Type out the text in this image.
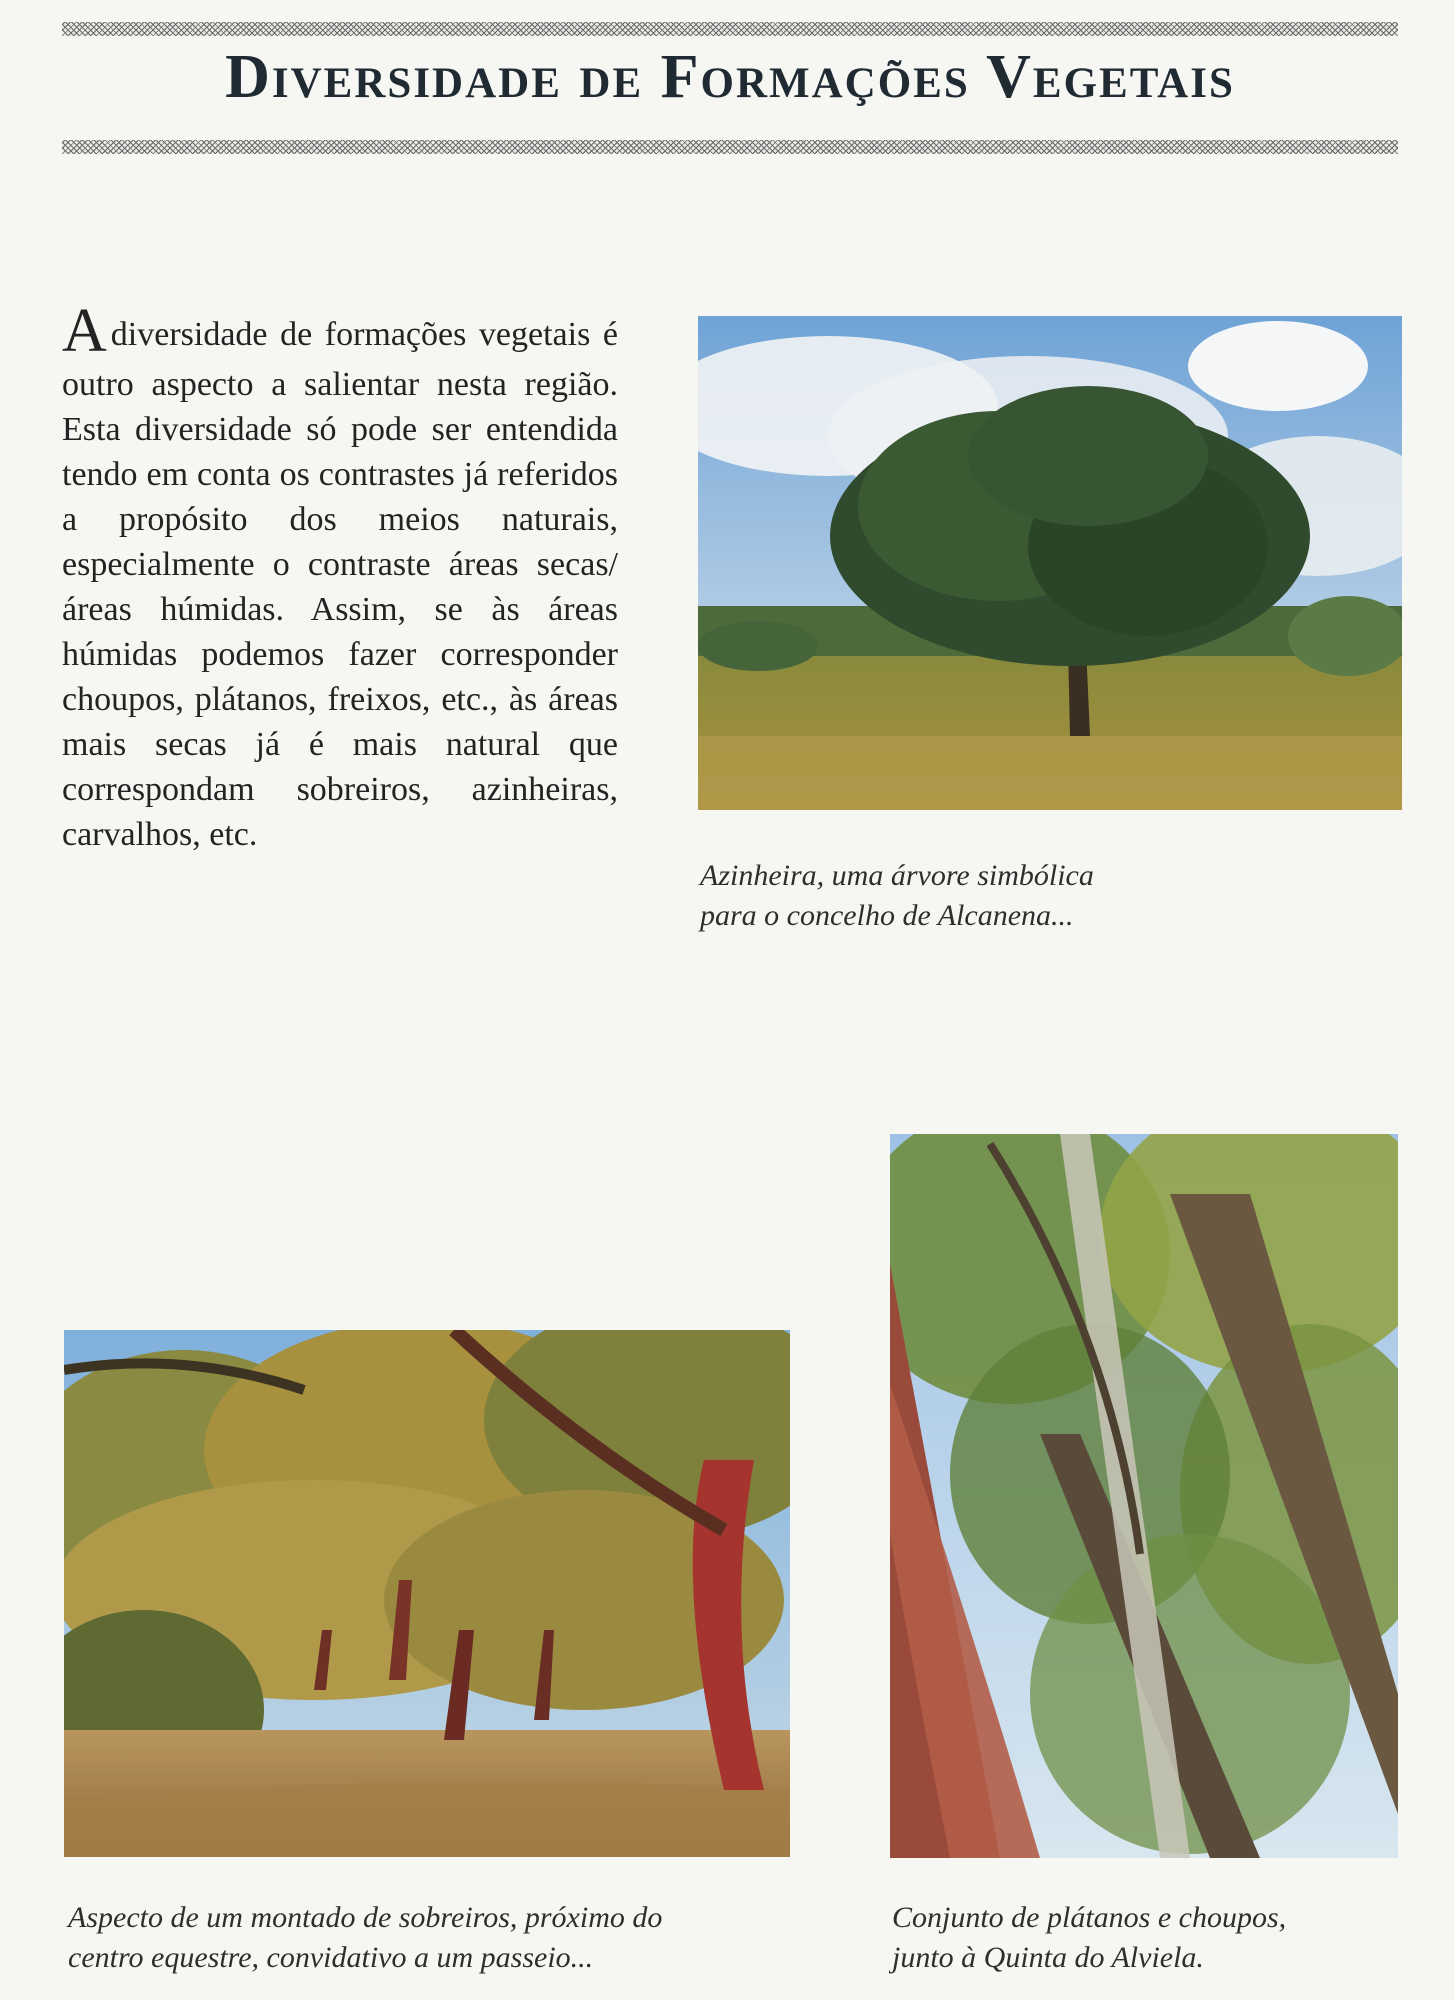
Diversidade de Formações Vegetais

Adiversidade de formações vegetais é outro aspecto a salientar nesta região. Esta diversidade só pode ser entendida tendo em conta os contrastes já referidos a propósito dos meios naturais, especialmente o contraste áreas secas/áreas húmidas. Assim, se às áreas húmidas podemos fazer corresponder choupos, plátanos, freixos, etc., às áreas mais secas já é mais natural que correspondam sobreiros, azinheiras, carvalhos, etc.

Azinheira, uma árvore simbólica
para o concelho de Alcanena...
Aspecto de um montado de sobreiros, próximo do
centro equestre, convidativo a um passeio...
Conjunto de plátanos e choupos,
junto à Quinta do Alviela.
